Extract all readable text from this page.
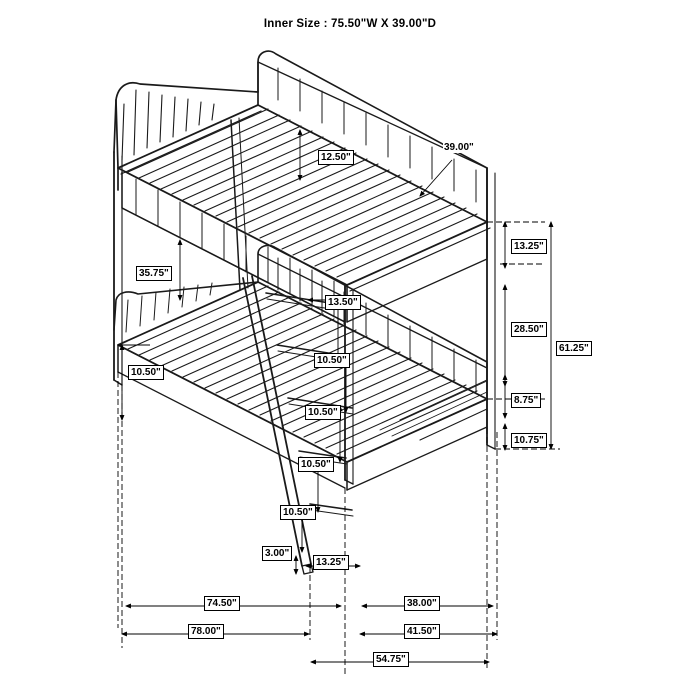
Inner Size : 75.50"W X 39.00"D
12.50"
39.00"
13.25"
35.75"
13.50"
28.50"
61.25"
10.50"
8.75"
10.75"
10.50"
10.50"
10.50"
10.50"
3.00"
13.25"
74.50"	38.00"
78.00"	41.50"
54.75"
